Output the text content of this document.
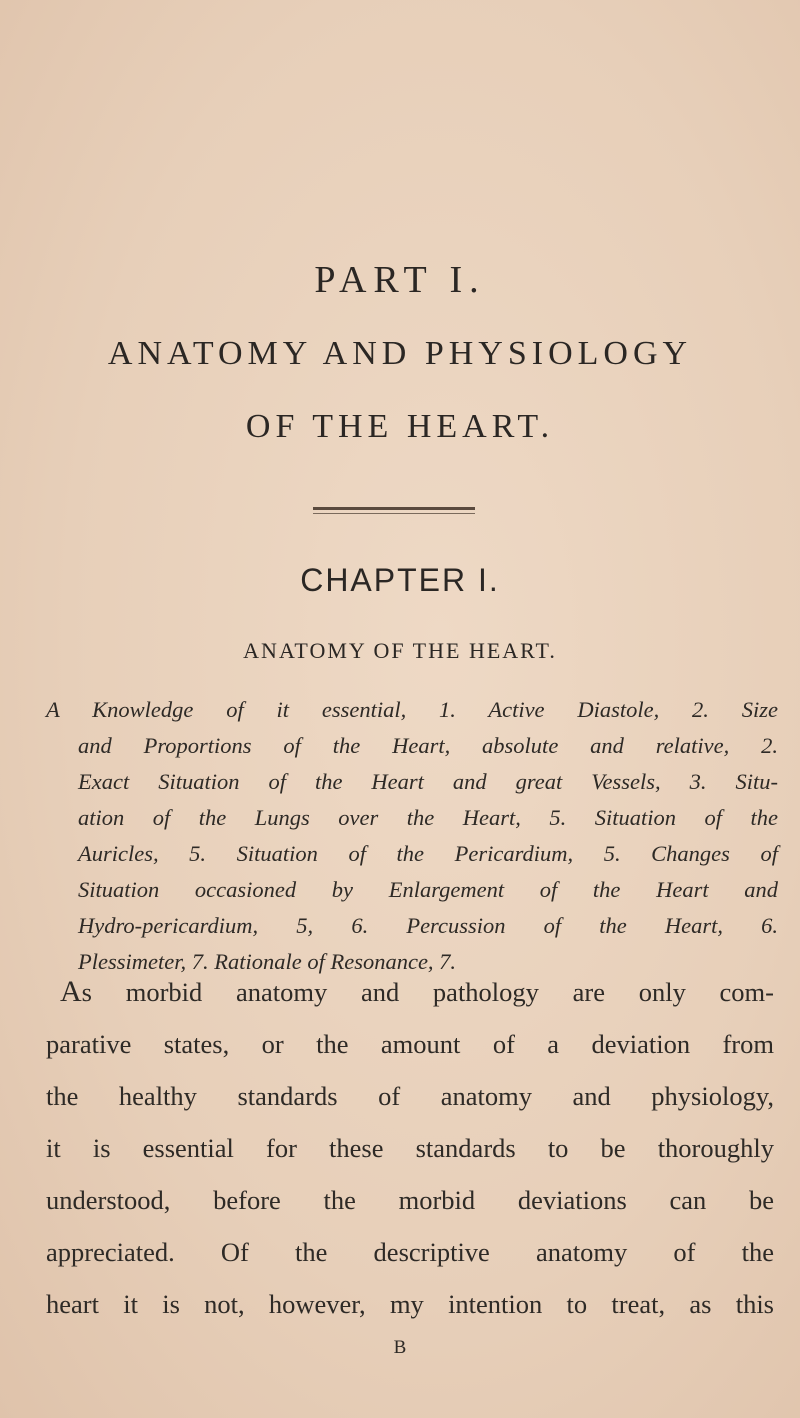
PART I.
ANATOMY AND PHYSIOLOGY
OF THE HEART.
CHAPTER I.
ANATOMY OF THE HEART.
A Knowledge of it essential, 1. Active Diastole, 2. Size
and Proportions of the Heart, absolute and relative, 2.
Exact Situation of the Heart and great Vessels, 3. Situ-
ation of the Lungs over the Heart, 5. Situation of the
Auricles, 5. Situation of the Pericardium, 5. Changes of
Situation occasioned by Enlargement of the Heart and
Hydro-pericardium, 5, 6. Percussion of the Heart, 6.
Plessimeter, 7. Rationale of Resonance, 7.
As morbid anatomy and pathology are only com-
parative states, or the amount of a deviation from
the healthy standards of anatomy and physiology,
it is essential for these standards to be thoroughly
understood, before the morbid deviations can be
appreciated. Of the descriptive anatomy of the
heart it is not, however, my intention to treat, as this
B
